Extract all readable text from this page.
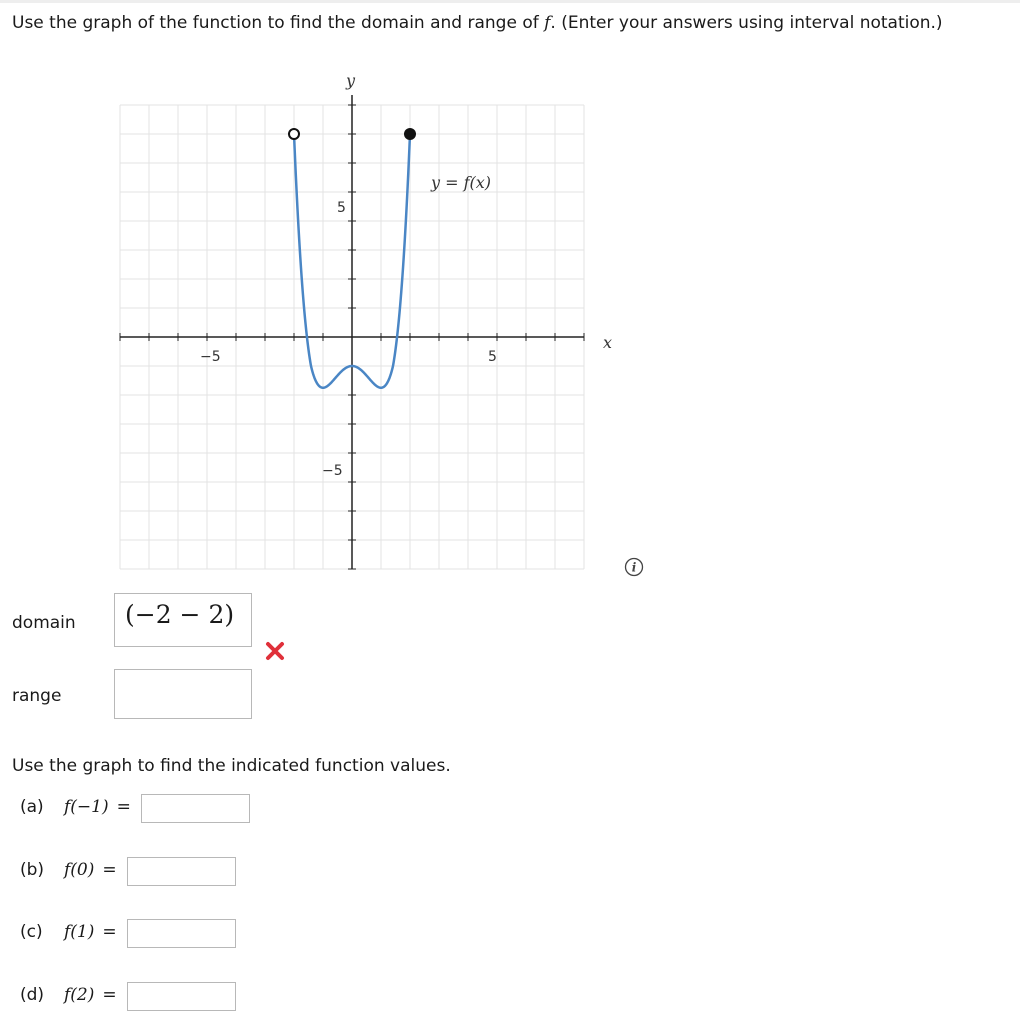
Use the graph of the function to find the domain and range of f. (Enter your answers using interval notation.)
y
x
y = f(x)
−5	5
5
−5
i
domain (−2 − 2)
range
Use the graph to find the indicated function values.
(a) f(−1) =
(b) f(0) =
(c) f(1) =
(d) f(2) =
